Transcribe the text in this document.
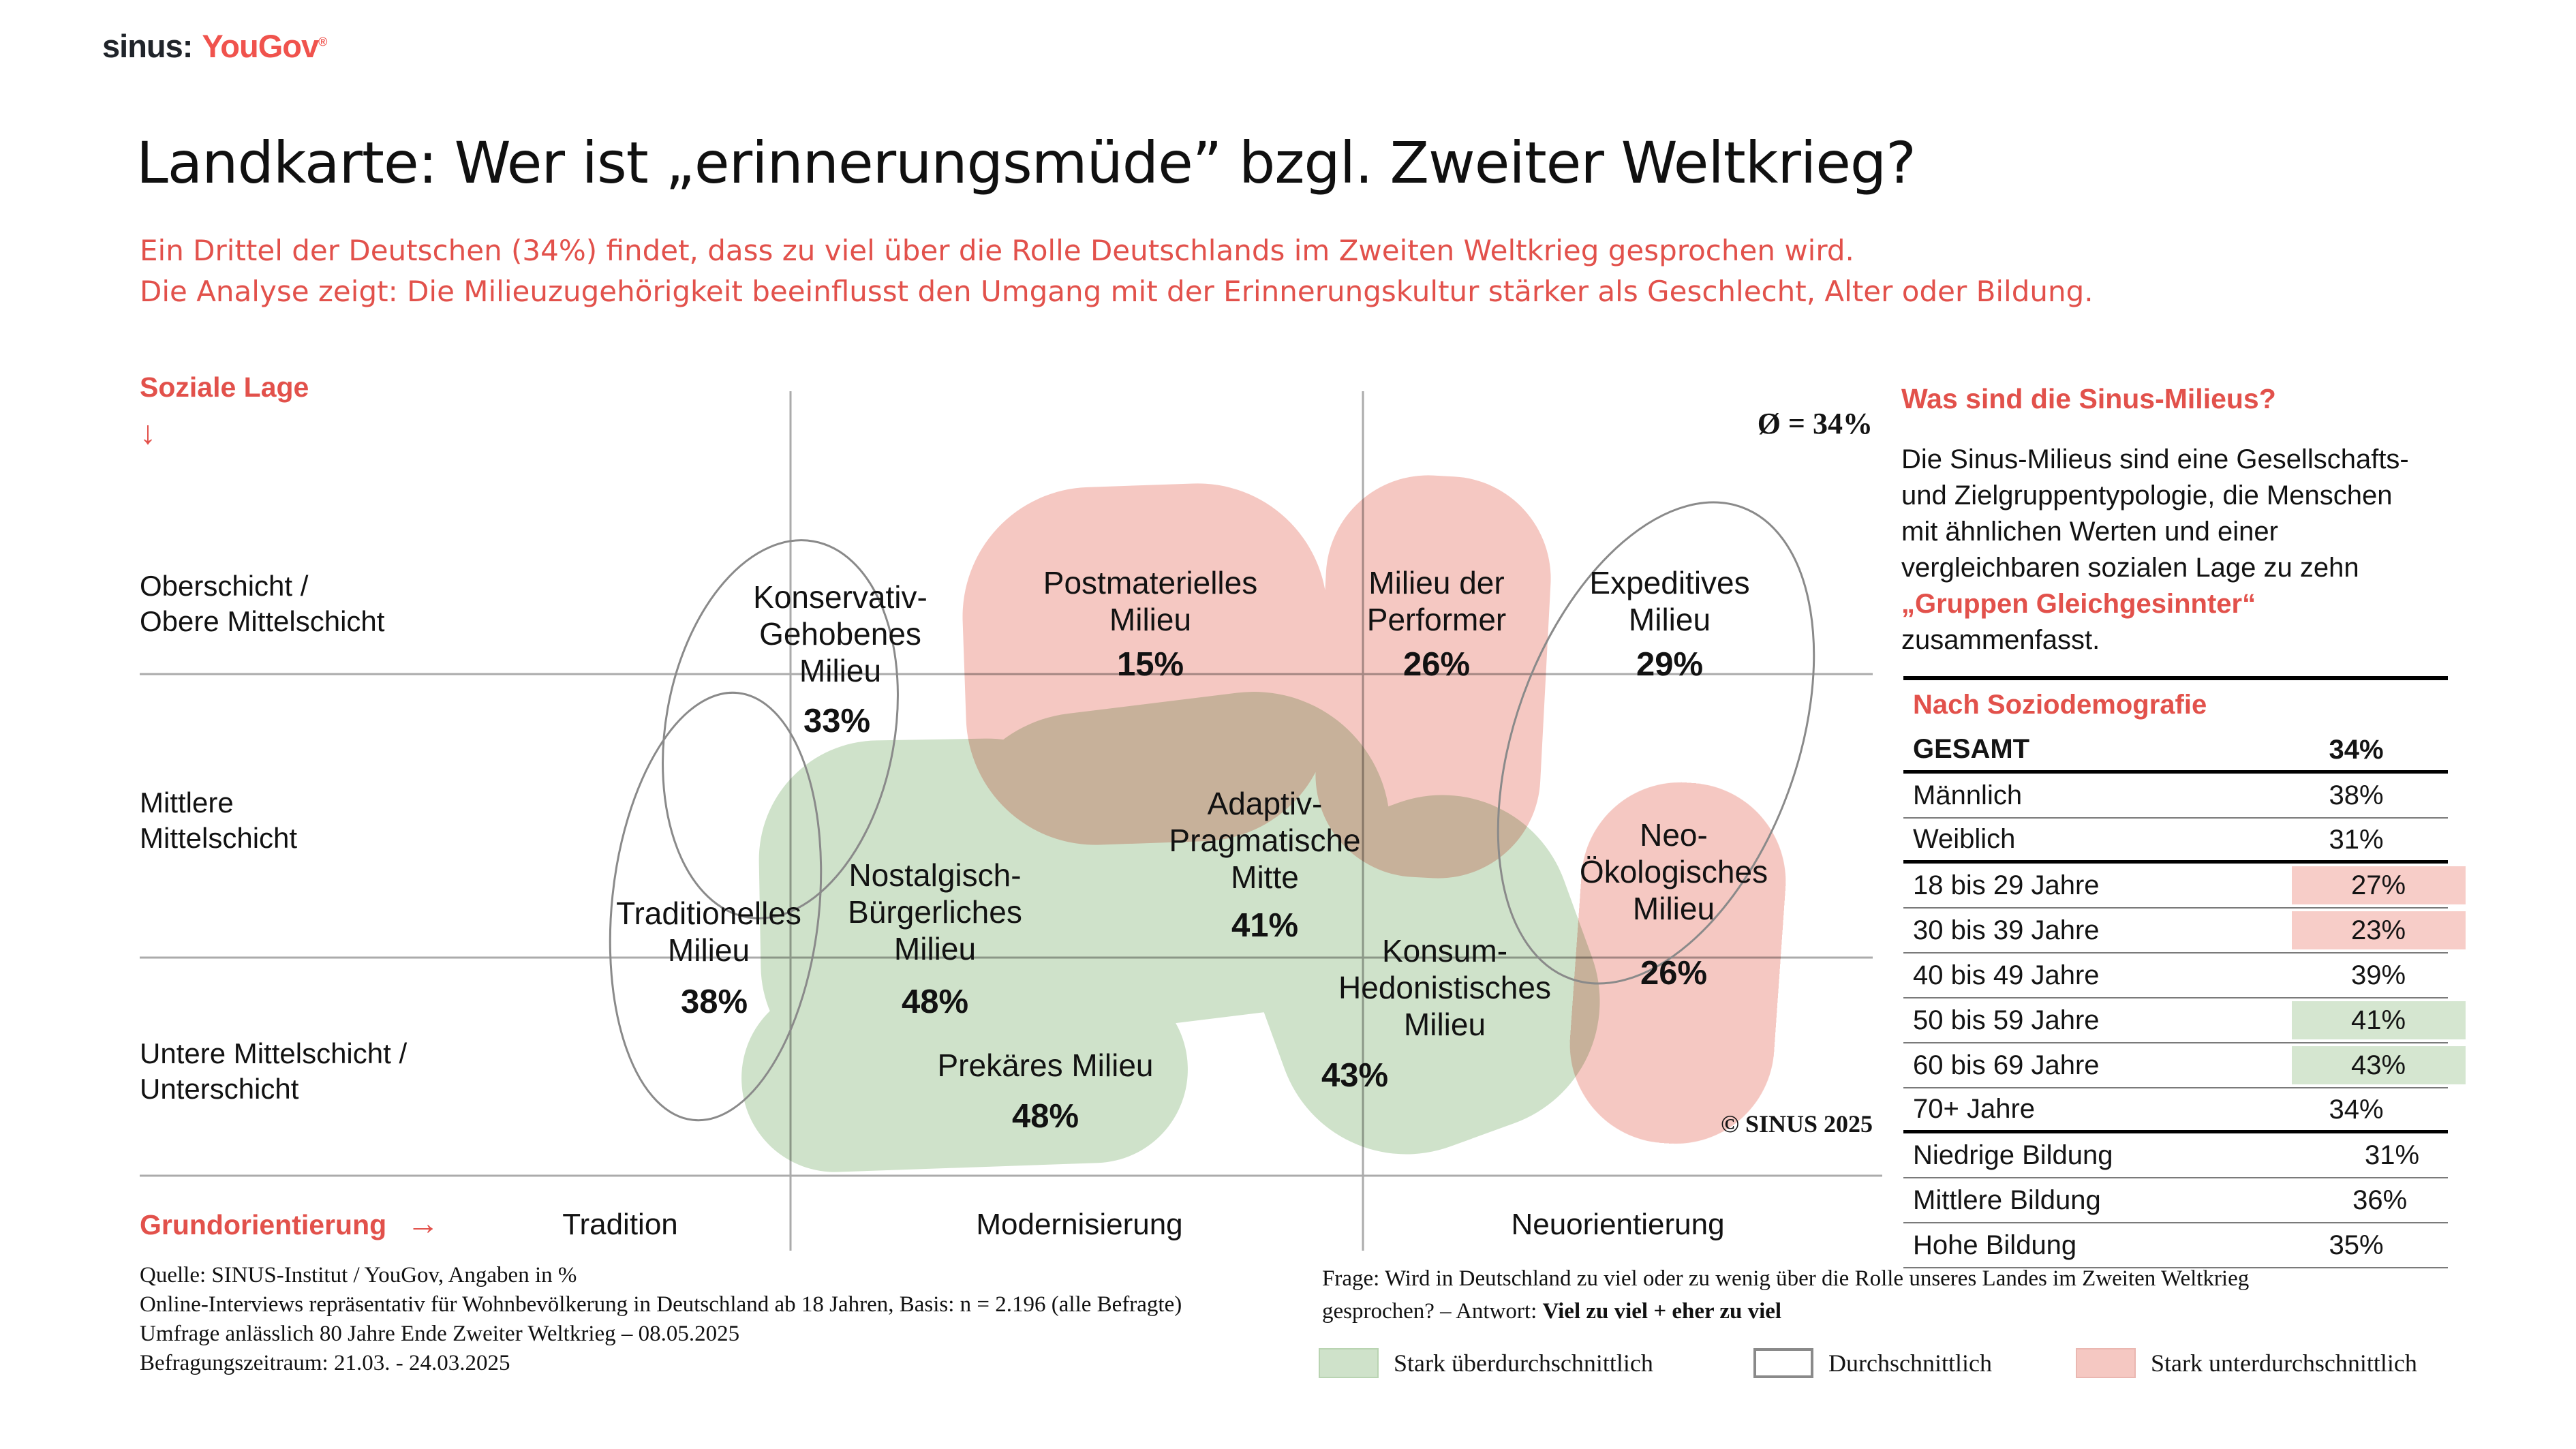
sinus: YouGov®
Landkarte: Wer ist „erinnerungsmüde” bzgl. Zweiter Weltkrieg?
Ein Drittel der Deutschen (34%) findet, dass zu viel über die Rolle Deutschlands im Zweiten Weltkrieg gesprochen wird.
Die Analyse zeigt: Die Milieuzugehörigkeit beeinflusst den Umgang mit der Erinnerungskultur stärker als Geschlecht, Alter oder Bildung.
Soziale Lage
↓
Grundorientierung →
Ø = 34%
© SINUS 2025
Oberschicht /
Obere Mittelschicht
Mittlere
Mittelschicht
Untere Mittelschicht /
Unterschicht
Tradition	Modernisierung	Neuorientierung
Konservativ-
Gehobenes
Milieu
33%
Postmaterielles
Milieu
15%
Milieu der
Performer
26%
Expeditives
Milieu
29%
Traditionelles
Milieu
38%
Nostalgisch-
Bürgerliches
Milieu
48%
Adaptiv-
Pragmatische
Mitte
41%
Konsum-
Hedonistisches
Milieu
43%
Neo-
Ökologisches
Milieu
26%
Prekäres Milieu
48%
Was sind die Sinus-Milieus?
Die Sinus-Milieus sind eine Gesellschafts-
und Zielgruppentypologie, die Menschen
mit ähnlichen Werten und einer
vergleichbaren sozialen Lage zu zehn
„Gruppen Gleichgesinnter“
zusammenfasst.
Nach Soziodemografie
GESAMT	34%
Männlich	38%
Weiblich	31%
18 bis 29 Jahre	27%
30 bis 39 Jahre	23%
40 bis 49 Jahre	39%
50 bis 59 Jahre	41%
60 bis 69 Jahre	43%
70+ Jahre	34%
Niedrige Bildung	31%
Mittlere Bildung	36%
Hohe Bildung	35%
Quelle: SINUS-Institut / YouGov, Angaben in %
Online-Interviews repräsentativ für Wohnbevölkerung in Deutschland ab 18 Jahren, Basis: n = 2.196 (alle Befragte)
Umfrage anlässlich 80 Jahre Ende Zweiter Weltkrieg – 08.05.2025
Befragungszeitraum: 21.03. - 24.03.2025
Frage: Wird in Deutschland zu viel oder zu wenig über die Rolle unseres Landes im Zweiten Weltkrieg
gesprochen? – Antwort: Viel zu viel + eher zu viel
Stark überdurchschnittlich	Durchschnittlich	Stark unterdurchschnittlich
